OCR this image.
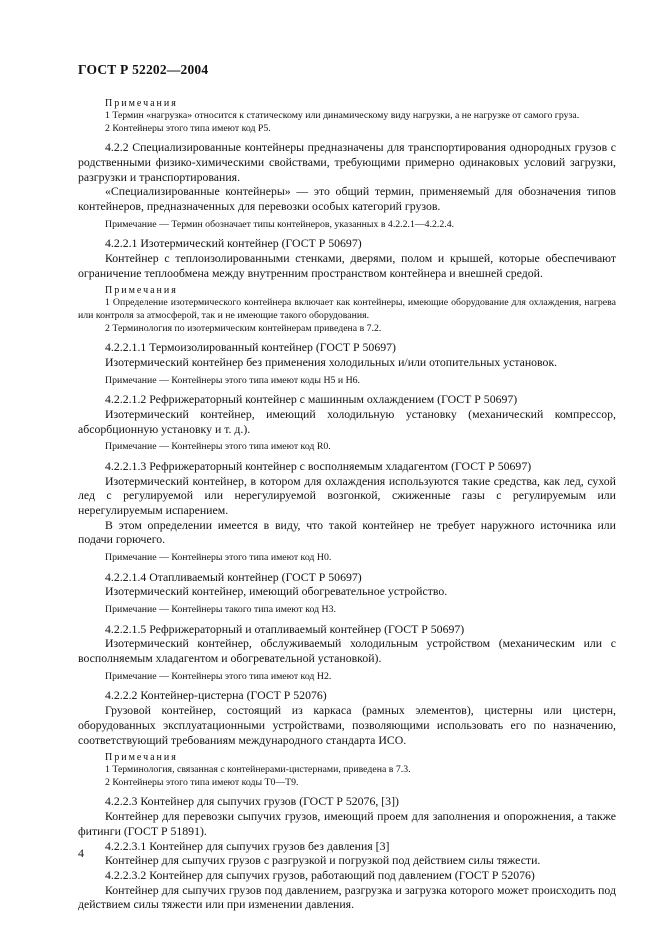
ГОСТ Р 52202—2004
Примечания
1 Термин «нагрузка» относится к статическому или динамическому виду нагрузки, а не нагрузке от самого груза.
2 Контейнеры этого типа имеют код Р5.
4.2.2 Специализированные контейнеры предназначены для транспортирования однородных грузов с родственными физико-химическими свойствами, требующими примерно одинаковых условий загрузки, разгрузки и транспортирования.
«Специализированные контейнеры» — это общий термин, применяемый для обозначения типов контейнеров, предназначенных для перевозки особых категорий грузов.
Примечание — Термин обозначает типы контейнеров, указанных в 4.2.2.1—4.2.2.4.
4.2.2.1 Изотермический контейнер (ГОСТ Р 50697)
Контейнер с теплоизолированными стенками, дверями, полом и крышей, которые обеспечивают ограничение теплообмена между внутренним пространством контейнера и внешней средой.
Примечания
1 Определение изотермического контейнера включает как контейнеры, имеющие оборудование для охлаждения, нагрева или контроля за атмосферой, так и не имеющие такого оборудования.
2 Терминология по изотермическим контейнерам приведена в 7.2.
4.2.2.1.1 Термоизолированный контейнер (ГОСТ Р 50697)
Изотермический контейнер без применения холодильных и/или отопительных установок.
Примечание — Контейнеры этого типа имеют коды Н5 и Н6.
4.2.2.1.2 Рефрижераторный контейнер с машинным охлаждением (ГОСТ Р 50697)
Изотермический контейнер, имеющий холодильную установку (механический компрессор, абсорбционную установку и т. д.).
Примечание — Контейнеры этого типа имеют код R0.
4.2.2.1.3 Рефрижераторный контейнер с восполняемым хладагентом (ГОСТ Р 50697)
Изотермический контейнер, в котором для охлаждения используются такие средства, как лед, сухой лед с регулируемой или нерегулируемой возгонкой, сжиженные газы с регулируемым или нерегулируемым испарением.
В этом определении имеется в виду, что такой контейнер не требует наружного источника или подачи горючего.
Примечание — Контейнеры этого типа имеют код Н0.
4.2.2.1.4 Отапливаемый контейнер (ГОСТ Р 50697)
Изотермический контейнер, имеющий обогревательное устройство.
Примечание — Контейнеры такого типа имеют код Н3.
4.2.2.1.5 Рефрижераторный и отапливаемый контейнер (ГОСТ Р 50697)
Изотермический контейнер, обслуживаемый холодильным устройством (механическим или с восполняемым хладагентом и обогревательной установкой).
Примечание — Контейнеры этого типа имеют код Н2.
4.2.2.2 Контейнер-цистерна (ГОСТ Р 52076)
Грузовой контейнер, состоящий из каркаса (рамных элементов), цистерны или цистерн, оборудованных эксплуатационными устройствами, позволяющими использовать его по назначению, соответствующий требованиям международного стандарта ИСО.
Примечания
1 Терминология, связанная с контейнерами-цистернами, приведена в 7.3.
2 Контейнеры этого типа имеют коды Т0—Т9.
4.2.2.3 Контейнер для сыпучих грузов (ГОСТ Р 52076, [3])
Контейнер для перевозки сыпучих грузов, имеющий проем для заполнения и опорожнения, а также фитинги (ГОСТ Р 51891).
4.2.2.3.1 Контейнер для сыпучих грузов без давления [3]
Контейнер для сыпучих грузов с разгрузкой и погрузкой под действием силы тяжести.
4.2.2.3.2 Контейнер для сыпучих грузов, работающий под давлением (ГОСТ Р 52076)
Контейнер для сыпучих грузов под давлением, разгрузка и загрузка которого может происходить под действием силы тяжести или при изменении давления.
4
